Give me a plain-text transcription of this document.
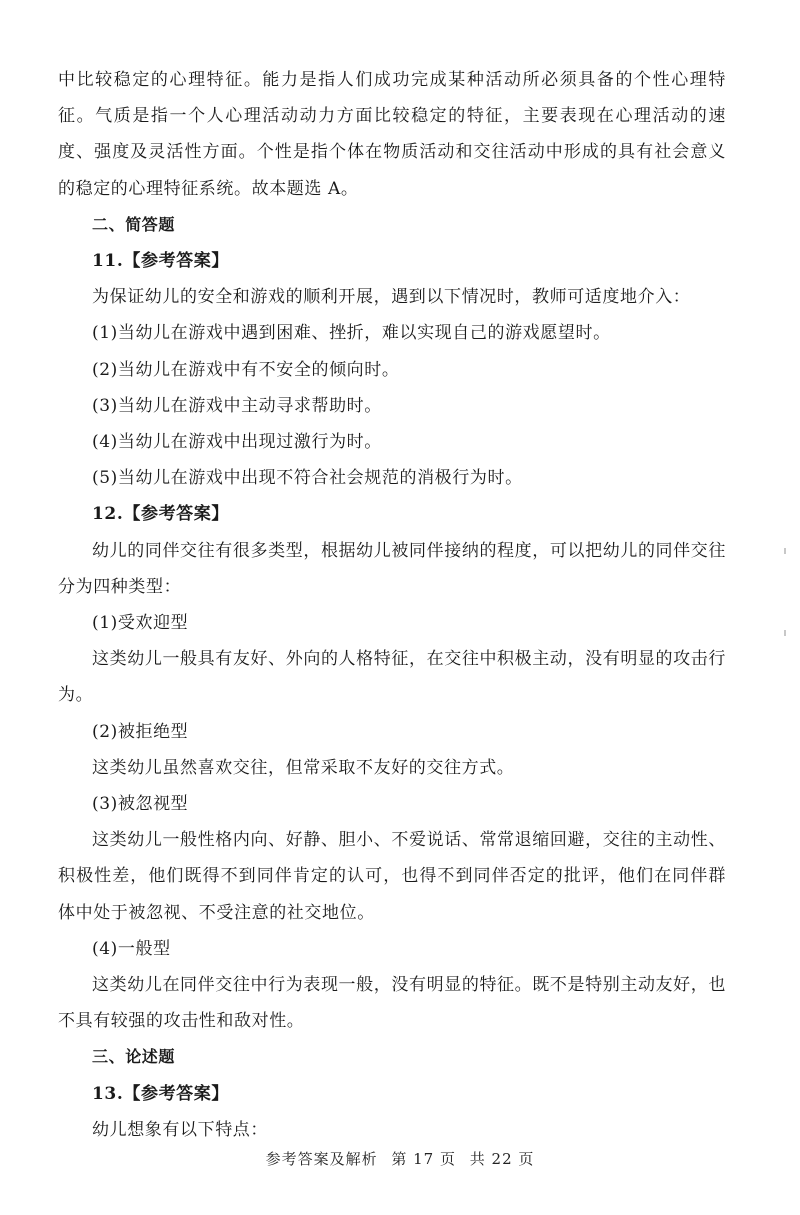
中比较稳定的心理特征。能力是指人们成功完成某种活动所必须具备的个性心理特征。气质是指一个人心理活动动力方面比较稳定的特征，主要表现在心理活动的速度、强度及灵活性方面。个性是指个体在物质活动和交往活动中形成的具有社会意义的稳定的心理特征系统。故本题选 A。

二、简答题

11.【参考答案】

为保证幼儿的安全和游戏的顺利开展，遇到以下情况时，教师可适度地介入：

(1)当幼儿在游戏中遇到困难、挫折，难以实现自己的游戏愿望时。

(2)当幼儿在游戏中有不安全的倾向时。

(3)当幼儿在游戏中主动寻求帮助时。

(4)当幼儿在游戏中出现过激行为时。

(5)当幼儿在游戏中出现不符合社会规范的消极行为时。

12.【参考答案】

幼儿的同伴交往有很多类型，根据幼儿被同伴接纳的程度，可以把幼儿的同伴交往分为四种类型：

(1)受欢迎型

这类幼儿一般具有友好、外向的人格特征，在交往中积极主动，没有明显的攻击行为。

(2)被拒绝型

这类幼儿虽然喜欢交往，但常采取不友好的交往方式。

(3)被忽视型

这类幼儿一般性格内向、好静、胆小、不爱说话、常常退缩回避，交往的主动性、积极性差，他们既得不到同伴肯定的认可，也得不到同伴否定的批评，他们在同伴群体中处于被忽视、不受注意的社交地位。

(4)一般型

这类幼儿在同伴交往中行为表现一般，没有明显的特征。既不是特别主动友好，也不具有较强的攻击性和敌对性。

三、论述题

13.【参考答案】

幼儿想象有以下特点：

参考答案及解析 第 17 页 共 22 页
